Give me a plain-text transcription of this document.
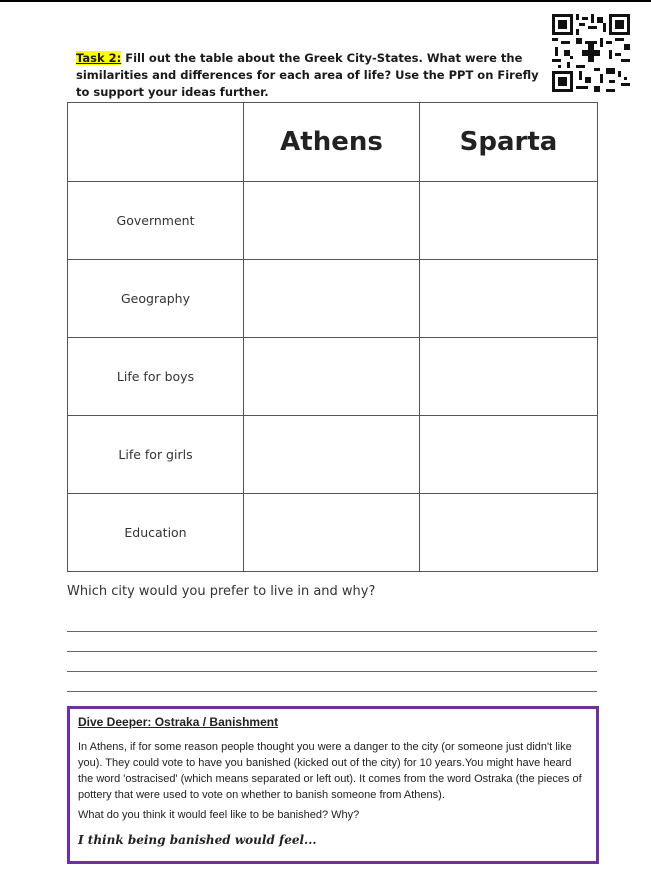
Task 2: Fill out the table about the Greek City-States. What were the similarities and differences for each area of life? Use the PPT on Firefly to support your ideas further.
	Athens	Sparta
Government		
Geography		
Life for boys		
Life for girls		
Education		
Which city would you prefer to live in and why?

Dive Deeper: Ostraka / Banishment

In Athens, if for some reason people thought you were a danger to the city (or someone just didn't like you). They could vote to have you banished (kicked out of the city) for 10 years.You might have heard the word 'ostracised' (which means separated or left out). It comes from the word Ostraka (the pieces of pottery that were used to vote on whether to banish someone from Athens).

What do you think it would feel like to be banished? Why?

I think being banished would feel...
